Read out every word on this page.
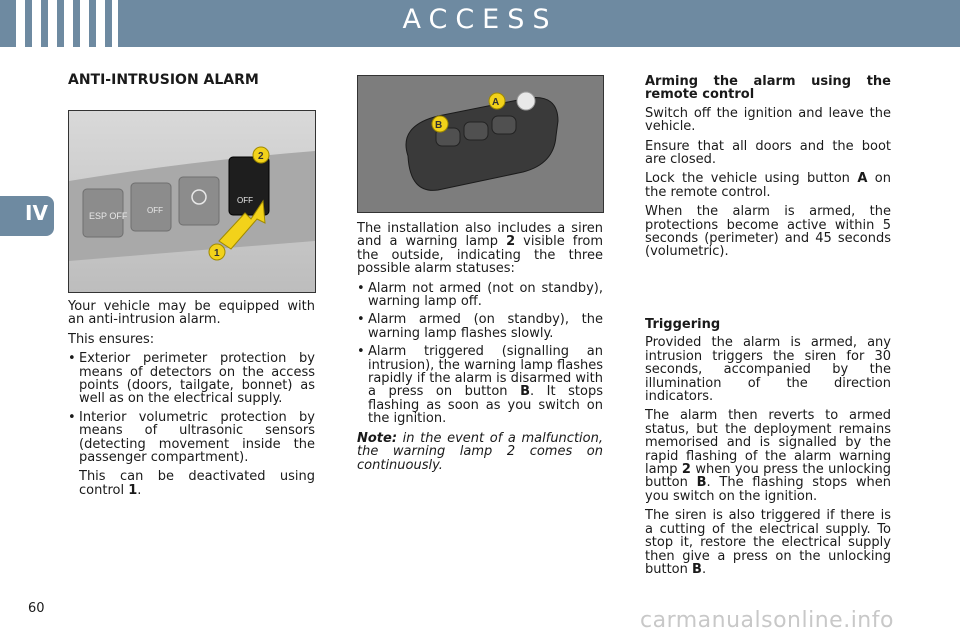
ACCESS
IV
ANTI-INTRUSION ALARM
ESP OFF
OFF
OFF
2
1
A
B

Your vehicle may be equipped with an anti-intrusion alarm.

This ensures:

• Exterior perimeter protection by means of detectors on the access points (doors, tailgate, bonnet) as well as on the electrical supply.
• Interior volumetric protection by means of ultrasonic sensors (detecting movement inside the passenger compartment).

This can be deactivated using control 1.

The installation also includes a siren and a warning lamp 2 visible from the outside, indicating the three possible alarm statuses:

• Alarm not armed (not on standby), warning lamp off.
• Alarm armed (on standby), the warning lamp flashes slowly.
• Alarm triggered (signalling an intrusion), the warning lamp flashes rapidly if the alarm is disarmed with a press on button B. It stops flashing as soon as you switch on the ignition.

Note: in the event of a malfunction, the warning lamp 2 comes on continuously.

Arming the alarm using the remote control

Switch off the ignition and leave the vehicle.

Ensure that all doors and the boot are closed.

Lock the vehicle using button A on the remote control.

When the alarm is armed, the protections become active within 5 seconds (perimeter) and 45 seconds (volumetric).

Triggering

Provided the alarm is armed, any intrusion triggers the siren for 30 seconds, accompanied by the illumination of the direction indicators.

The alarm then reverts to armed status, but the deployment remains memorised and is signalled by the rapid flashing of the alarm warning lamp 2 when you press the unlocking button B. The flashing stops when you switch on the ignition.

The siren is also triggered if there is a cutting of the electrical supply. To stop it, restore the electrical supply then give a press on the unlocking button B.

60	carmanualsonline.info
